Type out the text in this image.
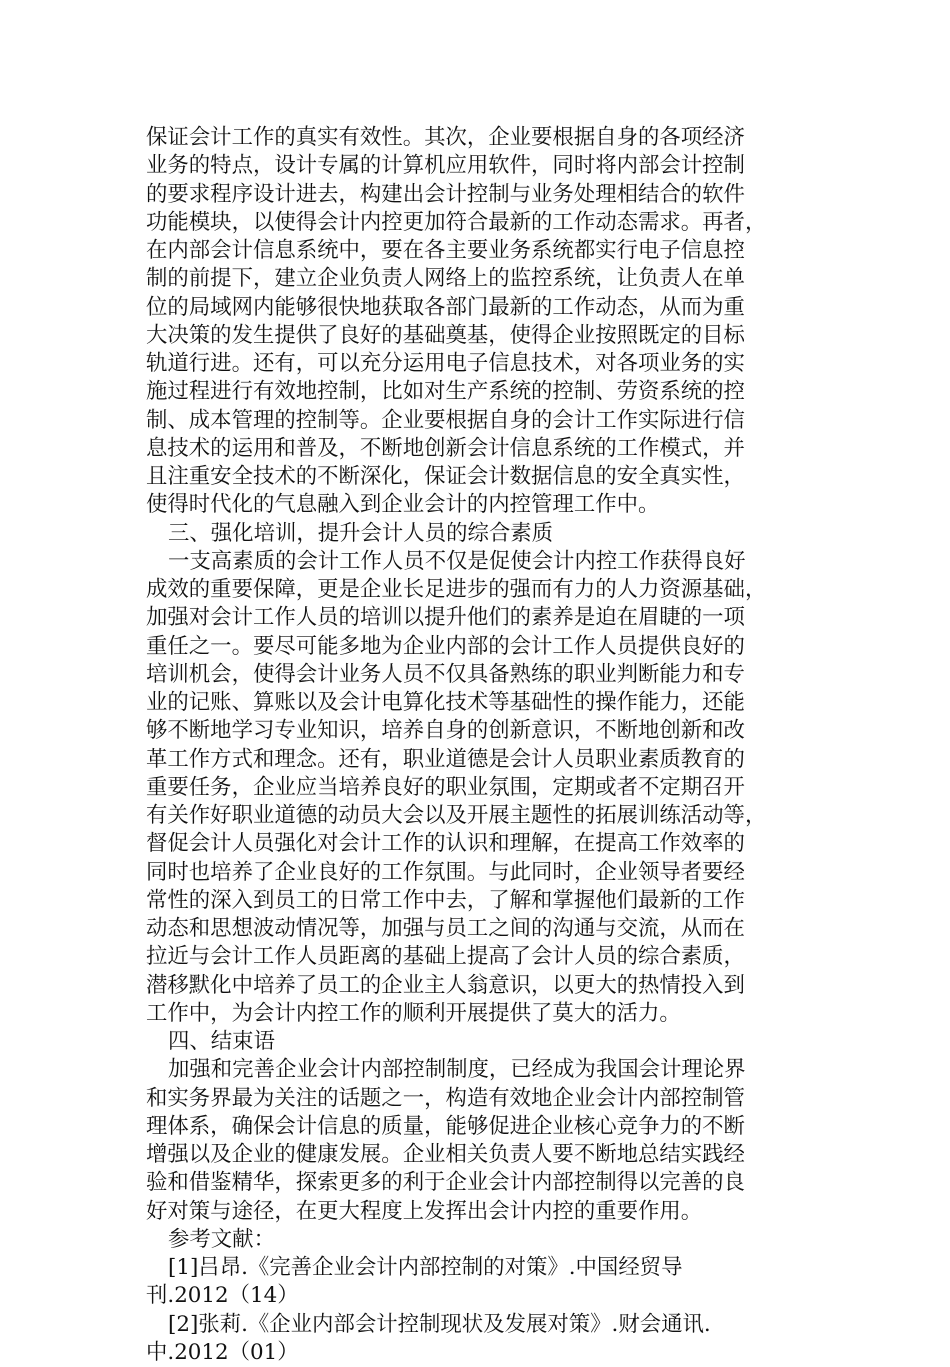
保证会计工作的真实有效性。其次，企业要根据自身的各项经济
业务的特点，设计专属的计算机应用软件，同时将内部会计控制
的要求程序设计进去，构建出会计控制与业务处理相结合的软件
功能模块，以使得会计内控更加符合最新的工作动态需求。再者，
在内部会计信息系统中，要在各主要业务系统都实行电子信息控
制的前提下，建立企业负责人网络上的监控系统，让负责人在单
位的局域网内能够很快地获取各部门最新的工作动态，从而为重
大决策的发生提供了良好的基础奠基，使得企业按照既定的目标
轨道行进。还有，可以充分运用电子信息技术，对各项业务的实
施过程进行有效地控制，比如对生产系统的控制、劳资系统的控
制、成本管理的控制等。企业要根据自身的会计工作实际进行信
息技术的运用和普及，不断地创新会计信息系统的工作模式，并
且注重安全技术的不断深化，保证会计数据信息的安全真实性，
使得时代化的气息融入到企业会计的内控管理工作中。
三、强化培训，提升会计人员的综合素质
一支高素质的会计工作人员不仅是促使会计内控工作获得良好
成效的重要保障，更是企业长足进步的强而有力的人力资源基础，
加强对会计工作人员的培训以提升他们的素养是迫在眉睫的一项
重任之一。要尽可能多地为企业内部的会计工作人员提供良好的
培训机会，使得会计业务人员不仅具备熟练的职业判断能力和专
业的记账、算账以及会计电算化技术等基础性的操作能力，还能
够不断地学习专业知识，培养自身的创新意识，不断地创新和改
革工作方式和理念。还有，职业道德是会计人员职业素质教育的
重要任务，企业应当培养良好的职业氛围，定期或者不定期召开
有关作好职业道德的动员大会以及开展主题性的拓展训练活动等，
督促会计人员强化对会计工作的认识和理解，在提高工作效率的
同时也培养了企业良好的工作氛围。与此同时，企业领导者要经
常性的深入到员工的日常工作中去，了解和掌握他们最新的工作
动态和思想波动情况等，加强与员工之间的沟通与交流，从而在
拉近与会计工作人员距离的基础上提高了会计人员的综合素质，
潜移默化中培养了员工的企业主人翁意识，以更大的热情投入到
工作中，为会计内控工作的顺利开展提供了莫大的活力。
四、结束语
加强和完善企业会计内部控制制度，已经成为我国会计理论界
和实务界最为关注的话题之一，构造有效地企业会计内部控制管
理体系，确保会计信息的质量，能够促进企业核心竞争力的不断
增强以及企业的健康发展。企业相关负责人要不断地总结实践经
验和借鉴精华，探索更多的利于企业会计内部控制得以完善的良
好对策与途径，在更大程度上发挥出会计内控的重要作用。
参考文献：
[1]吕昂.《完善企业会计内部控制的对策》.中国经贸导
刊.2012（14）
[2]张莉.《企业内部会计控制现状及发展对策》.财会通讯.
中.2012（01）
